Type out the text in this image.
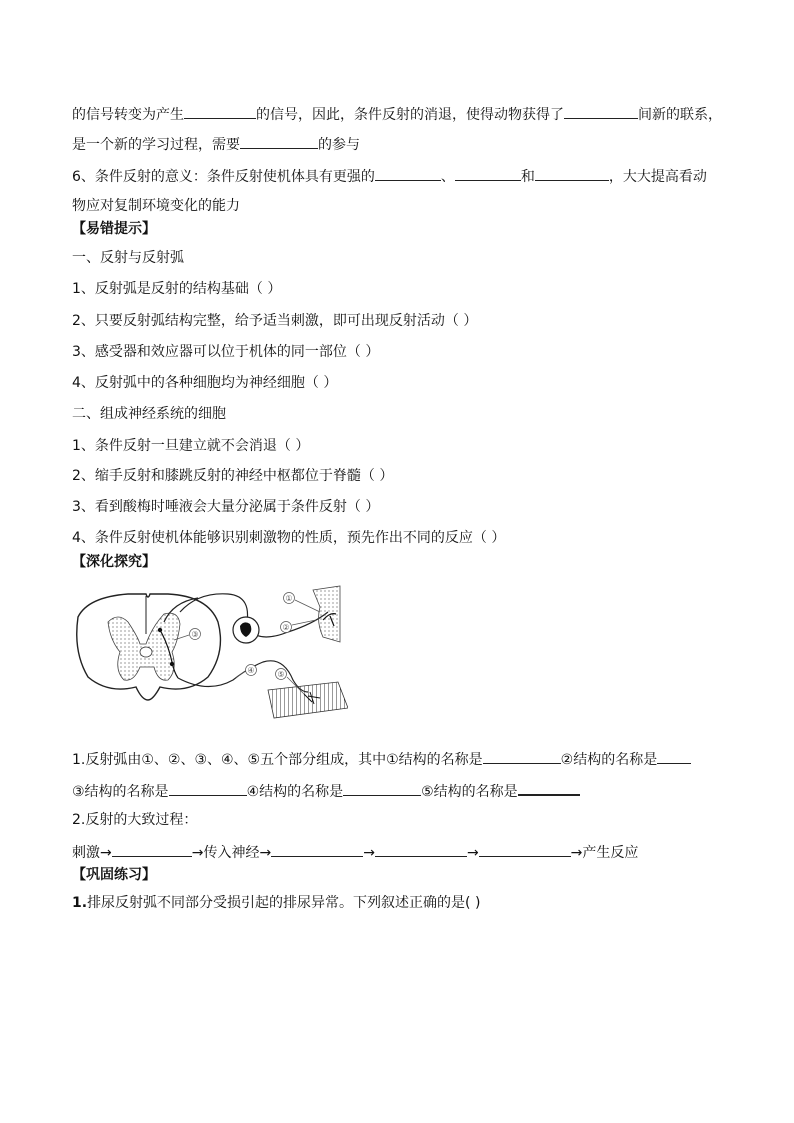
的信号转变为产生	的信号，因此，条件反射的消退，使得动物获得了	间新的联系，
是一个新的学习过程，需要	的参与
6、条件反射的意义：条件反射使机体具有更强的	、	和	，大大提高看动
物应对复制环境变化的能力
【易错提示】
一、反射与反射弧
1、反射弧是反射的结构基础（ ）
2、只要反射弧结构完整，给予适当刺激，即可出现反射活动（ ）
3、感受器和效应器可以位于机体的同一部位（ ）
4、反射弧中的各种细胞均为神经细胞（ ）
二、组成神经系统的细胞
1、条件反射一旦建立就不会消退（ ）
2、缩手反射和膝跳反射的神经中枢都位于脊髓（ ）
3、看到酸梅时唾液会大量分泌属于条件反射（ ）
4、条件反射使机体能够识别刺激物的性质，预先作出不同的反应（ ）
【深化探究】
①
②
③
④	⑤
1.反射弧由①、②、③、④、⑤五个部分组成，其中①结构的名称是	②结构的名称是
③结构的名称是	④结构的名称是	⑤结构的名称是
2.反射的大致过程：
刺激→	→传入神经→	→	→	→产生反应
【巩固练习】
1.排尿反射弧不同部分受损引起的排尿异常。下列叙述正确的是( )
